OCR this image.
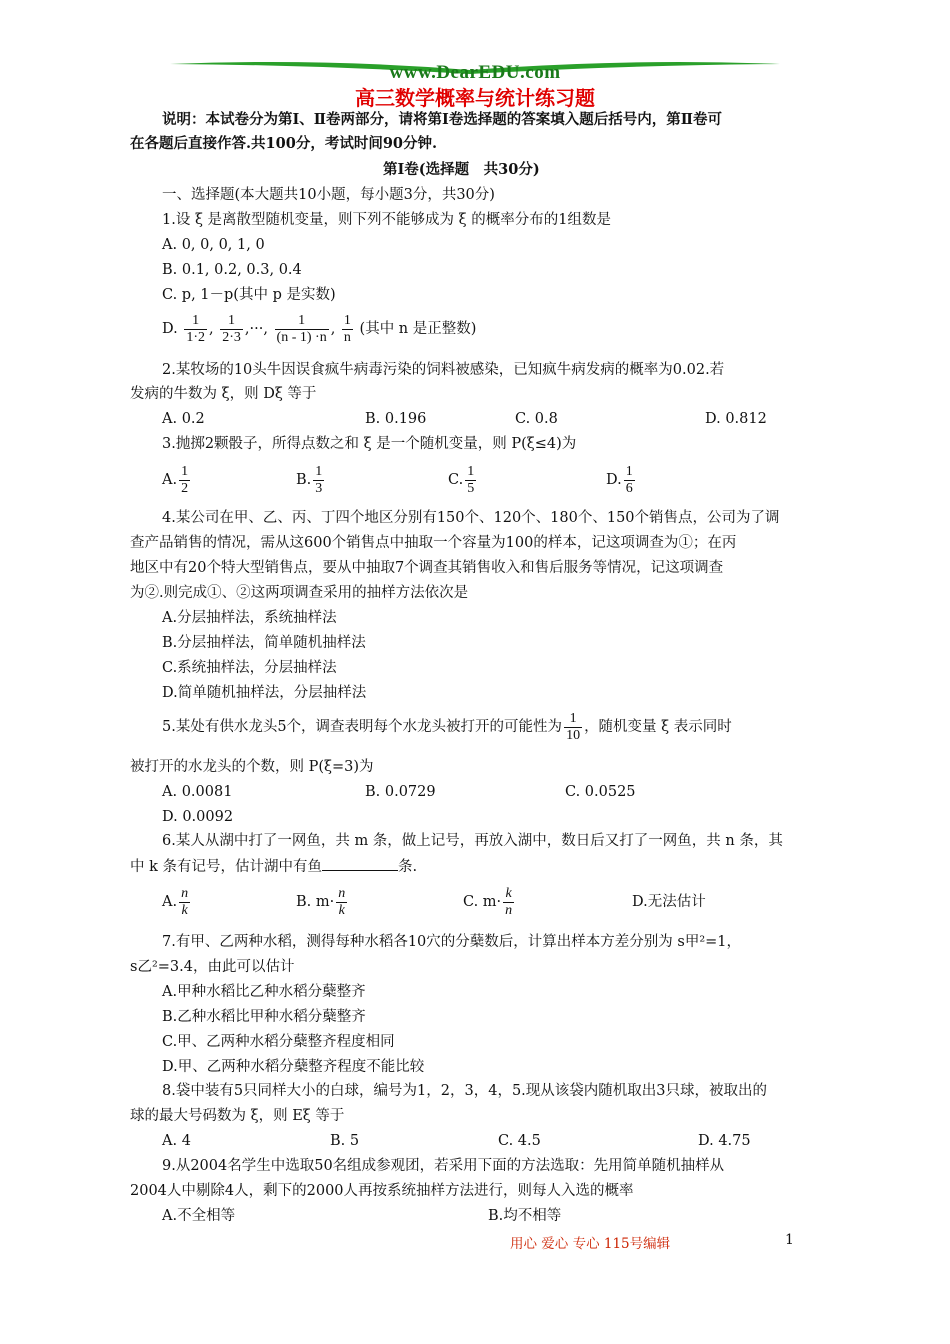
www.DearEDU.com
高三数学概率与统计练习题
说明：本试卷分为第Ⅰ、Ⅱ卷两部分，请将第Ⅰ卷选择题的答案填入题后括号内，第Ⅱ卷可
在各题后直接作答.共100分，考试时间90分钟.
第Ⅰ卷(选择题　共30分)
一、选择题(本大题共10小题，每小题3分，共30分)
1.设 ξ 是离散型随机变量，则下列不能够成为 ξ 的概率分布的1组数是
A. 0, 0, 0, 1, 0
B. 0.1, 0.2, 0.3, 0.4
C. p, 1－p(其中 p 是实数)
D. $\frac{1}{1\cdot 2}$ , $\frac{1}{2\cdot 3}$ ,···, $\frac{1}{(n - 1) \cdot n}$ , $\frac{1}{n}$ (其中 n 是正整数)
2.某牧场的10头牛因误食疯牛病毒污染的饲料被感染，已知疯牛病发病的概率为0.02.若
发病的牛数为 ξ，则 Dξ 等于
A. 0.2	B. 0.196	C. 0.8	D. 0.812
3.抛掷2颗骰子，所得点数之和 ξ 是一个随机变量，则 P(ξ≤4)为
A. $\frac{1}{2}$	B. $\frac{1}{3}$	C. $\frac{1}{5}$	D. $\frac{1}{6}$
4.某公司在甲、乙、丙、丁四个地区分别有150个、120个、180个、150个销售点，公司为了调
查产品销售的情况，需从这600个销售点中抽取一个容量为100的样本，记这项调查为①；在丙
地区中有20个特大型销售点，要从中抽取7个调查其销售收入和售后服务等情况，记这项调查
为②.则完成①、②这两项调查采用的抽样方法依次是
A.分层抽样法，系统抽样法
B.分层抽样法，简单随机抽样法
C.系统抽样法，分层抽样法
D.简单随机抽样法，分层抽样法
5.某处有供水龙头5个，调查表明每个水龙头被打开的可能性为 $\frac{1}{10}$ ，随机变量 ξ 表示同时
被打开的水龙头的个数，则 P(ξ=3)为
A. 0.0081	B. 0.0729	C. 0.0525
D. 0.0092
6.某人从湖中打了一网鱼，共 m 条，做上记号，再放入湖中，数日后又打了一网鱼，共 n 条，其
中 k 条有记号，估计湖中有鱼	条.
A. $\frac{n}{k}$	B. $m\cdot \frac{n}{k}$	C. $m\cdot \frac{k}{n}$	D.无法估计
7.有甲、乙两种水稻，测得每种水稻各10穴的分蘖数后，计算出样本方差分别为 s甲²=1，
s乙²=3.4，由此可以估计
A.甲种水稻比乙种水稻分蘖整齐
B.乙种水稻比甲种水稻分蘖整齐
C.甲、乙两种水稻分蘖整齐程度相同
D.甲、乙两种水稻分蘖整齐程度不能比较
8.袋中装有5只同样大小的白球，编号为1，2，3，4，5.现从该袋内随机取出3只球，被取出的
球的最大号码数为 ξ，则 Eξ 等于
A. 4	B. 5	C. 4.5	D. 4.75
9.从2004名学生中选取50名组成参观团，若采用下面的方法选取：先用简单随机抽样从
2004人中剔除4人，剩下的2000人再按系统抽样方法进行，则每人入选的概率
A.不全相等	B.均不相等
用心 爱心 专心 115号编辑	1
